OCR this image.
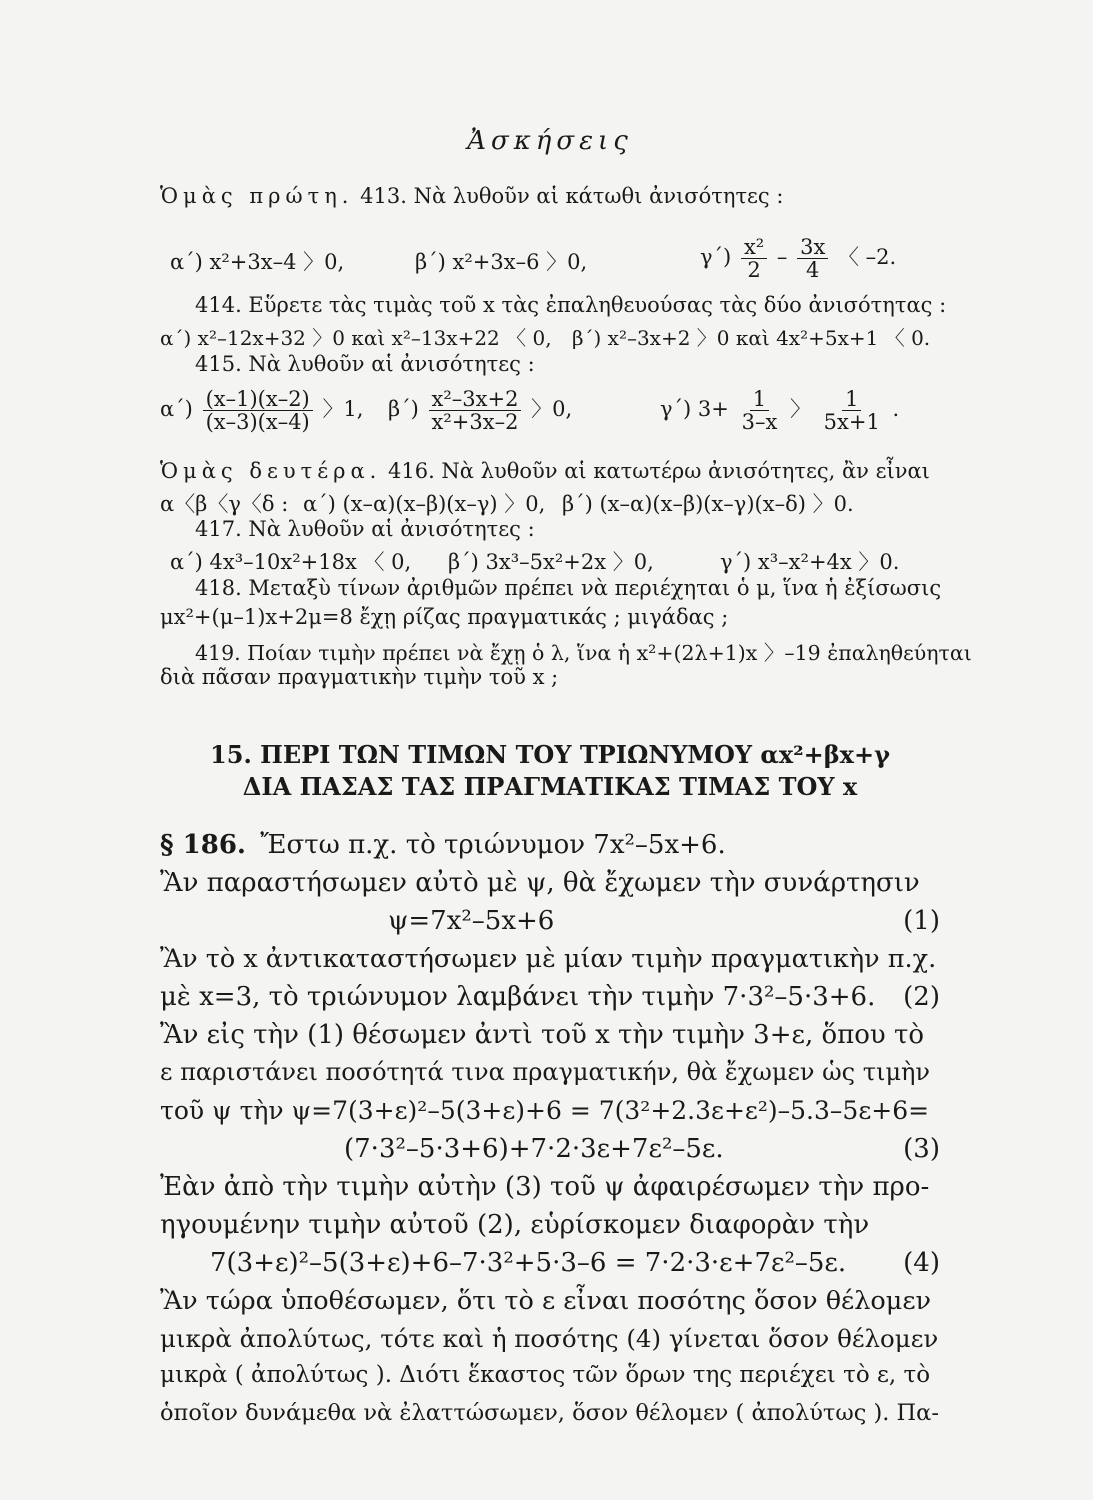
Ἀσκήσεις
Ὁμὰς πρώτη. 413. Νὰ λυθοῦν αἱ κάτωθι ἀνισότητες :
α΄) x²+3x–4 〉0,	β΄) x²+3x–6 〉0,	$\gamma΄) \frac{\text{x²}}{2} - \frac{3x}{4}$ 〈 –2.
414. Εὕρετε τὰς τιμὰς τοῦ x τὰς ἐπαληθευούσας τὰς δύο ἀνισότητας :
α΄) x²–12x+32 〉0 καὶ x²–13x+22 〈 0, β΄) x²–3x+2 〉0 καὶ 4x²+5x+1 〈 0.
415. Νὰ λυθοῦν αἱ ἀνισότητες :
$\alpha΄) \frac{(x-1)(x-2)}{(x-3)(x-4)}$ 〉1, $\beta΄) \frac{\text{x²–3x+2}}{\text{x²+3x–2}}$ 〉0,	γ΄) $3+ \frac{1}{3-x}$ 〉 $\frac{1}{5x+1}$ .
Ὁμὰς δευτέρα. 416. Νὰ λυθοῦν αἱ κατωτέρω ἀνισότητες, ἂν εἶναι
α〈β〈γ〈δ : α΄) (x–α)(x–β)(x–γ) 〉0, β΄) (x–α)(x–β)(x–γ)(x–δ) 〉0.
417. Νὰ λυθοῦν αἱ ἀνισότητες :
α΄) 4x³–10x²+18x 〈 0, β΄) 3x³–5x²+2x 〉0,	γ΄) x³–x²+4x 〉0.
418. Μεταξὺ τίνων ἀριθμῶν πρέπει νὰ περιέχηται ὁ μ, ἵνα ἡ ἐξίσωσις
μx²+(μ–1)x+2μ=8 ἔχῃ ρίζας πραγματικάς ; μιγάδας ;
419. Ποίαν τιμὴν πρέπει νὰ ἔχῃ ὁ λ, ἵνα ἡ x²+(2λ+1)x 〉–19 ἐπαληθεύηται
διὰ πᾶσαν πραγματικὴν τιμὴν τοῦ x ;
15. ΠΕΡΙ ΤΩΝ ΤΙΜΩΝ ΤΟΥ ΤΡΙΩΝΥΜΟΥ αx²+βx+γ
ΔΙΑ ΠΑΣΑΣ ΤΑΣ ΠΡΑΓΜΑΤΙΚΑΣ ΤΙΜΑΣ ΤΟΥ x
§ 186. Ἔστω π.χ. τὸ τριώνυμον 7x²–5x+6.
Ἂν παραστήσωμεν αὐτὸ μὲ ψ, θὰ ἔχωμεν τὴν συνάρτησιν
ψ=7x²–5x+6	(1)
Ἂν τὸ x ἀντικαταστήσωμεν μὲ μίαν τιμὴν πραγματικὴν π.χ.
μὲ x=3, τὸ τριώνυμον λαμβάνει τὴν τιμὴν 7·3²–5·3+6. (2)
Ἂν εἰς τὴν (1) θέσωμεν ἀντὶ τοῦ x τὴν τιμὴν 3+ε, ὅπου τὸ
ε παριστάνει ποσότητά τινα πραγματικήν, θὰ ἔχωμεν ὡς τιμὴν
τοῦ ψ τὴν ψ=7(3+ε)²–5(3+ε)+6 = 7(3²+2.3ε+ε²)–5.3–5ε+6=
(7·3²–5·3+6)+7·2·3ε+7ε²–5ε.	(3)
Ἐὰν ἀπὸ τὴν τιμὴν αὐτὴν (3) τοῦ ψ ἀφαιρέσωμεν τὴν προ-
ηγουμένην τιμὴν αὐτοῦ (2), εὑρίσκομεν διαφορὰν τὴν
7(3+ε)²–5(3+ε)+6–7·3²+5·3–6 = 7·2·3·ε+7ε²–5ε. (4)
Ἂν τώρα ὑποθέσωμεν, ὅτι τὸ ε εἶναι ποσότης ὅσον θέλομεν
μικρὰ ἀπολύτως, τότε καὶ ἡ ποσότης (4) γίνεται ὅσον θέλομεν
μικρὰ ( ἀπολύτως ). Διότι ἕκαστος τῶν ὅρων της περιέχει τὸ ε, τὸ
ὁποῖον δυνάμεθα νὰ ἐλαττώσωμεν, ὅσον θέλομεν ( ἀπολύτως ). Πα-
